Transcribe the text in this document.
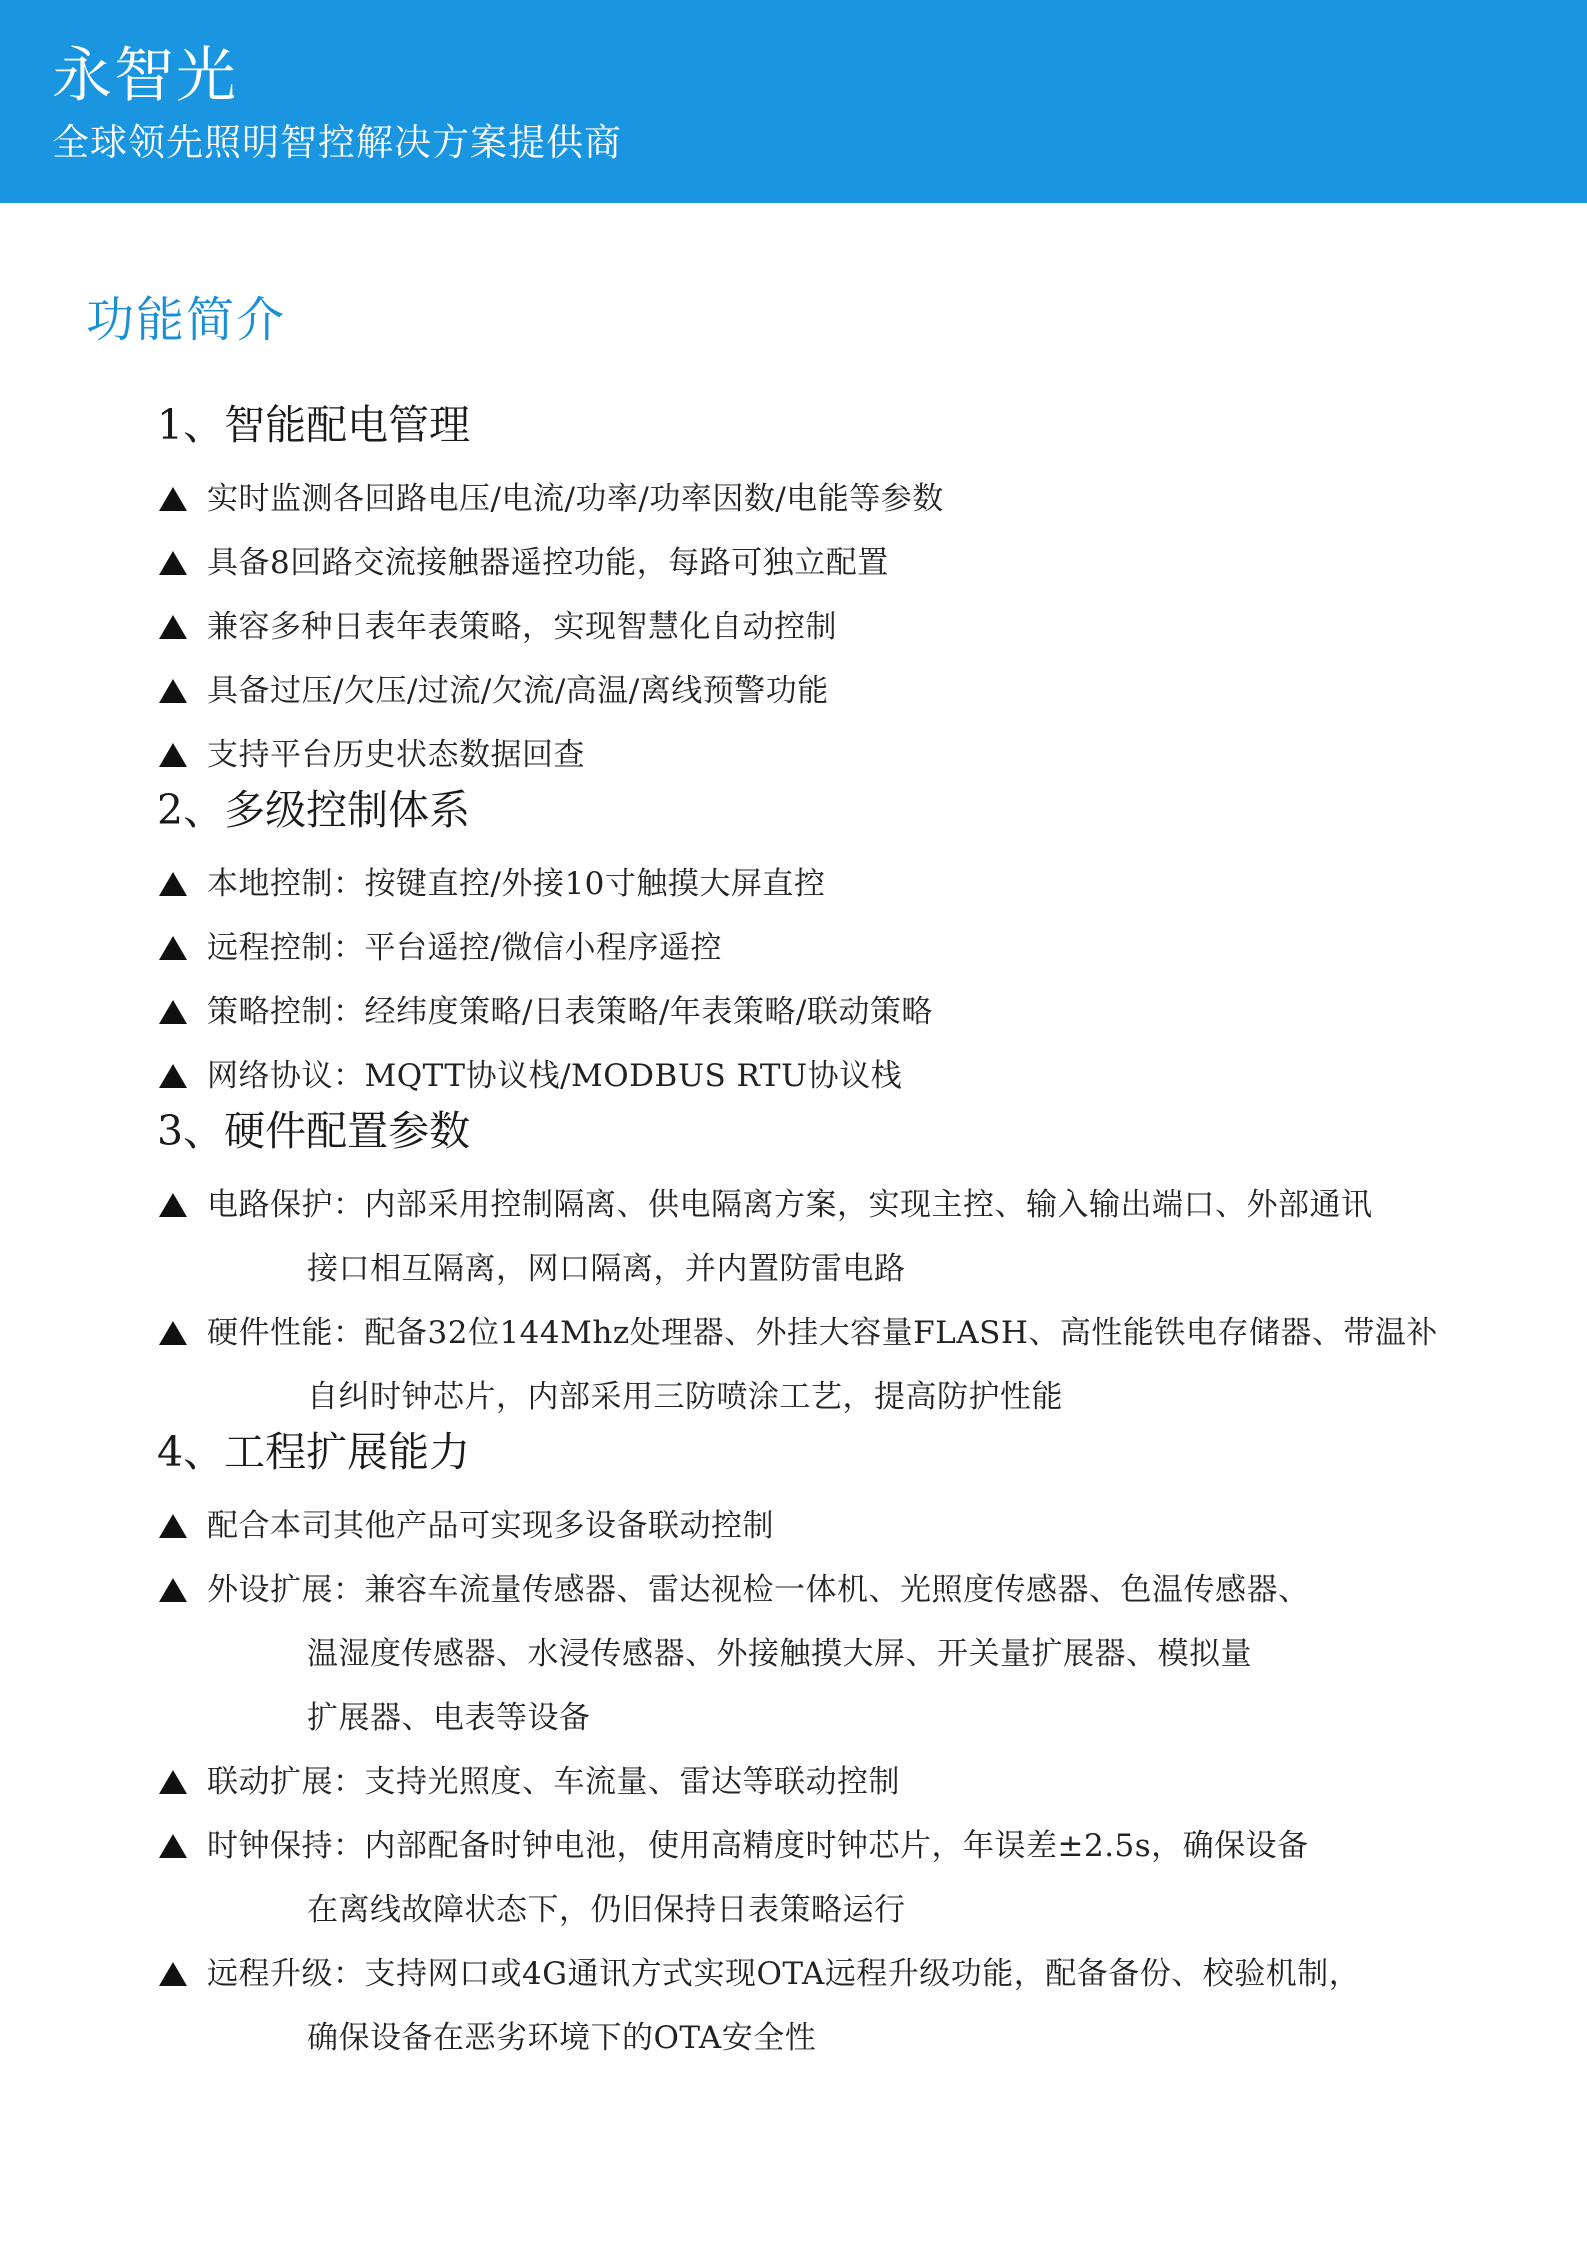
永智光
全球领先照明智控解决方案提供商
功能简介
1、智能配电管理
实时监测各回路电压/电流/功率/功率因数/电能等参数
具备8回路交流接触器遥控功能，每路可独立配置
兼容多种日表年表策略，实现智慧化自动控制
具备过压/欠压/过流/欠流/高温/离线预警功能
支持平台历史状态数据回查
2、多级控制体系
本地控制：按键直控/外接10寸触摸大屏直控
远程控制：平台遥控/微信小程序遥控
策略控制：经纬度策略/日表策略/年表策略/联动策略
网络协议：MQTT协议栈/MODBUS RTU协议栈
3、硬件配置参数
电路保护：内部采用控制隔离、供电隔离方案，实现主控、输入输出端口、外部通讯
接口相互隔离，网口隔离，并内置防雷电路
硬件性能：配备32位144Mhz处理器、外挂大容量FLASH、高性能铁电存储器、带温补
自纠时钟芯片，内部采用三防喷涂工艺，提高防护性能
4、工程扩展能力
配合本司其他产品可实现多设备联动控制
外设扩展：兼容车流量传感器、雷达视检一体机、光照度传感器、色温传感器、
温湿度传感器、水浸传感器、外接触摸大屏、开关量扩展器、模拟量
扩展器、电表等设备
联动扩展：支持光照度、车流量、雷达等联动控制
时钟保持：内部配备时钟电池，使用高精度时钟芯片，年误差±2.5s，确保设备
在离线故障状态下，仍旧保持日表策略运行
远程升级：支持网口或4G通讯方式实现OTA远程升级功能，配备备份、校验机制，
确保设备在恶劣环境下的OTA安全性
